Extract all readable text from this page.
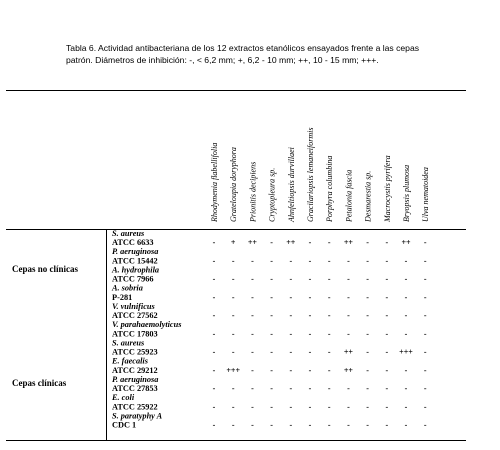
Tabla 6. Actividad antibacteriana de los 12 extractos etanólicos ensayados frente a las cepas patrón. Diámetros de inhibición: -, < 6,2 mm; +, 6,2 - 10 mm; ++, 10 - 15 mm; +++.
Rhodymenia flabellifolia Grateloupia doryphora Prionitis decipiens Cryptopleura sp. Ahnfeltiopsis durvillaei Gracilariopsis lemaneiformis Porphyra columbina Petalonia fascia Desmarestia sp. Macrocystis pyrifera Bryopsis plumosa Ulva nematoidea
S. aureus
ATCC 6633
P. aeruginosa
ATCC 15442
A. hydrophila
ATCC 7966
A. sobria
P-281
V. vulnificus
ATCC 27562
V. parahaemolyticus
ATCC 17803
S. aureus
ATCC 25923
E. faecalis
ATCC 29212
P. aeruginosa
ATCC 27853
E. coli
ATCC 25922
S. paratyphy A
CDC 1
- + ++ - ++ - - ++ - - ++ -
- - - - - - - - - - - -
- - - - - - - - - - - -
- - - - - - - - - - - -
- - - - - - - - - - - -
- - - - - - - - - - - -
- - - - - - - ++ - - +++ -
- +++ - - - - - ++ - - - -
- - - - - - - - - - - -
- - - - - - - - - - - -
- - - - - - - - - - - -
Cepas no clínicas
Cepas clínicas
